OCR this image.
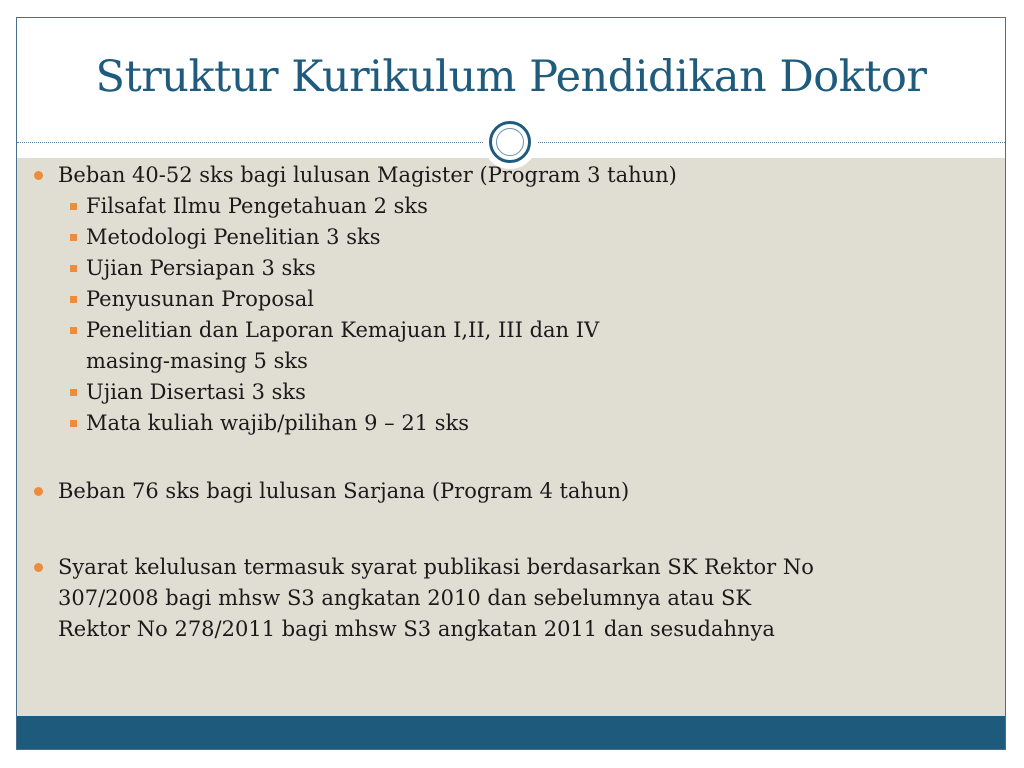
Struktur Kurikulum Pendidikan Doktor
Beban 40-52 sks bagi lulusan Magister (Program 3 tahun)
Filsafat Ilmu Pengetahuan 2 sks
Metodologi Penelitian 3 sks
Ujian Persiapan 3 sks
Penyusunan Proposal
Penelitian dan Laporan Kemajuan I,II, III dan IV
masing-masing 5 sks
Ujian Disertasi 3 sks
Mata kuliah wajib/pilihan 9 – 21 sks
Beban 76 sks bagi lulusan Sarjana (Program 4 tahun)
Syarat kelulusan termasuk syarat publikasi berdasarkan SK Rektor No
307/2008 bagi mhsw S3 angkatan 2010 dan sebelumnya atau SK
Rektor No 278/2011 bagi mhsw S3 angkatan 2011 dan sesudahnya
